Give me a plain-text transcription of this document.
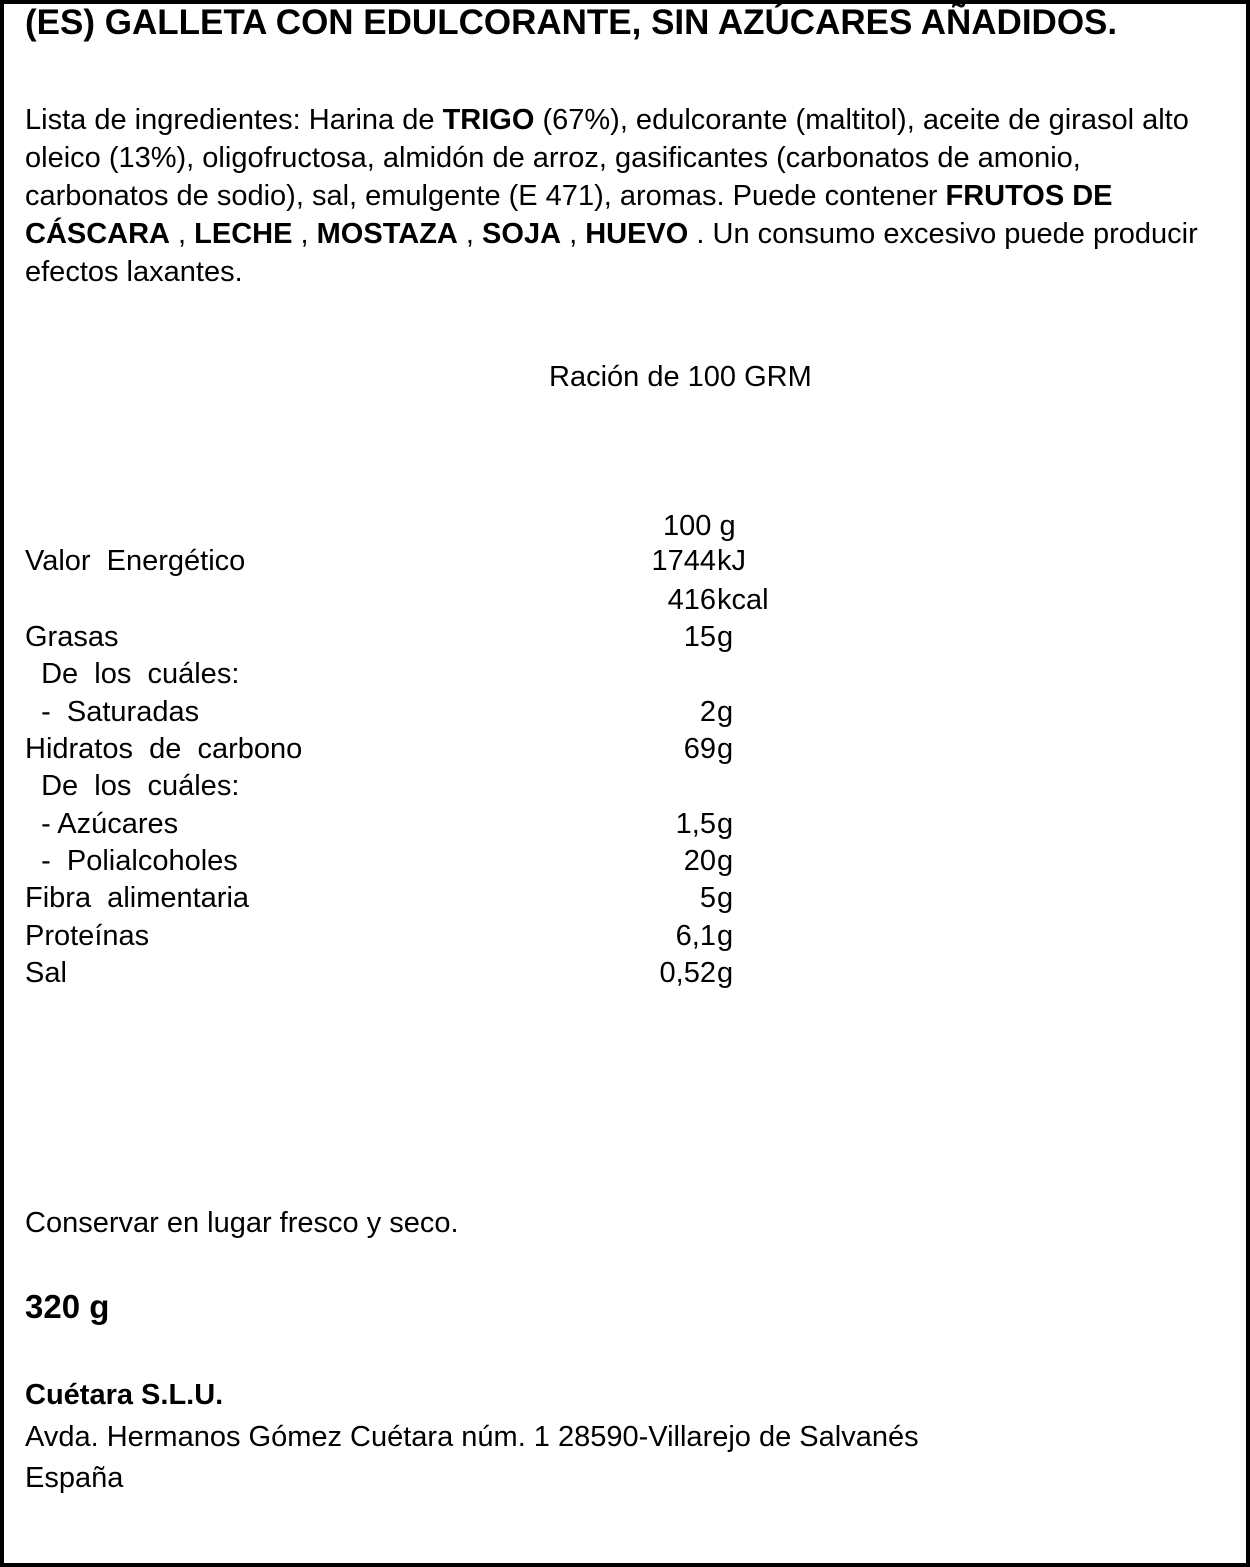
(ES) GALLETA CON EDULCORANTE, SIN AZÚCARES AÑADIDOS.
Lista de ingredientes: Harina de TRIGO (67%), edulcorante (maltitol), aceite de girasol alto oleico (13%), oligofructosa, almidón de arroz, gasificantes (carbonatos de amonio, carbonatos de sodio), sal, emulgente (E 471), aromas. Puede contener FRUTOS DE CÁSCARA , LECHE , MOSTAZA , SOJA , HUEVO . Un consumo excesivo puede producir efectos laxantes.
Ración de 100 GRM
100 g
Valor  Energético	1744 kJ
416 kcal
Grasas	15 g
De  los  cuáles:
-  Saturadas	2 g
Hidratos  de  carbono	69 g
De  los  cuáles:
- Azúcares	1,5 g
-  Polialcoholes	20 g
Fibra  alimentaria	5 g
Proteínas	6,1 g
Sal	0,52 g
Conservar en lugar fresco y seco.
320 g
Cuétara S.L.U.
Avda. Hermanos Gómez Cuétara núm. 1 28590-Villarejo de Salvanés
España
